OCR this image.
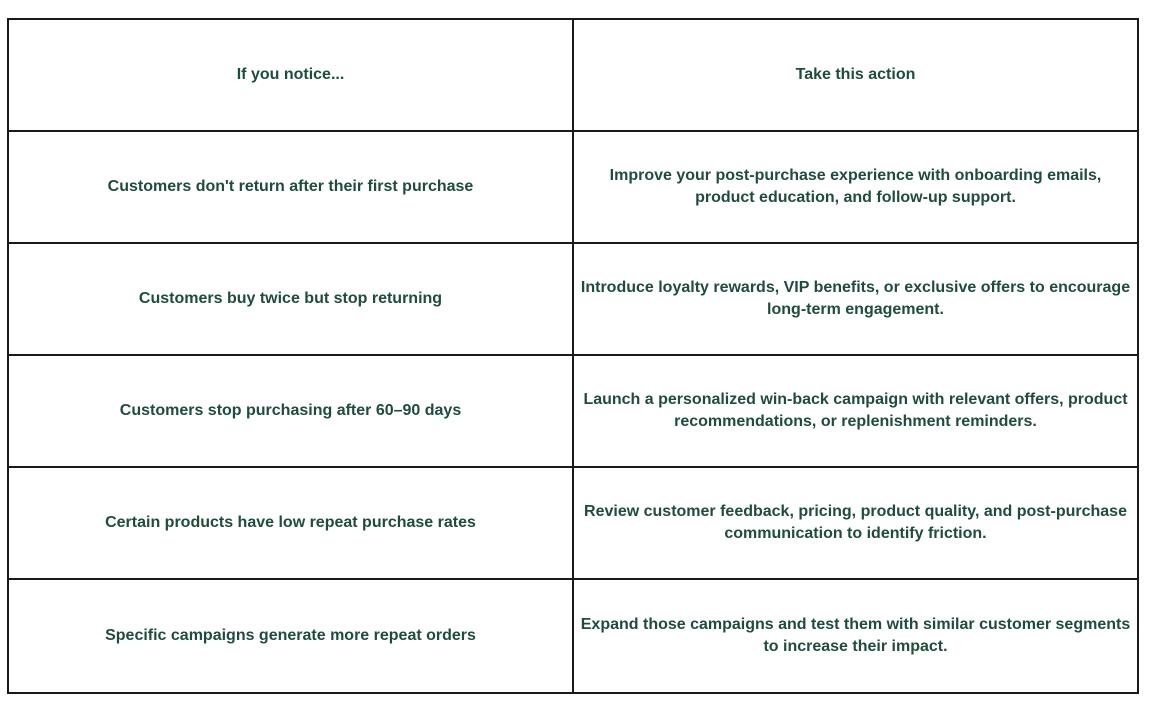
If you notice...	Take this action
Customers don't return after their first purchase
Improve your post-purchase experience with onboarding emails, product education, and follow-up support.
Customers buy twice but stop returning
Introduce loyalty rewards, VIP benefits, or exclusive offers to encourage long-term engagement.
Customers stop purchasing after 60–90 days
Launch a personalized win-back campaign with relevant offers, product recommendations, or replenishment reminders.
Certain products have low repeat purchase rates
Review customer feedback, pricing, product quality, and post-purchase communication to identify friction.
Specific campaigns generate more repeat orders
Expand those campaigns and test them with similar customer segments to increase their impact.
